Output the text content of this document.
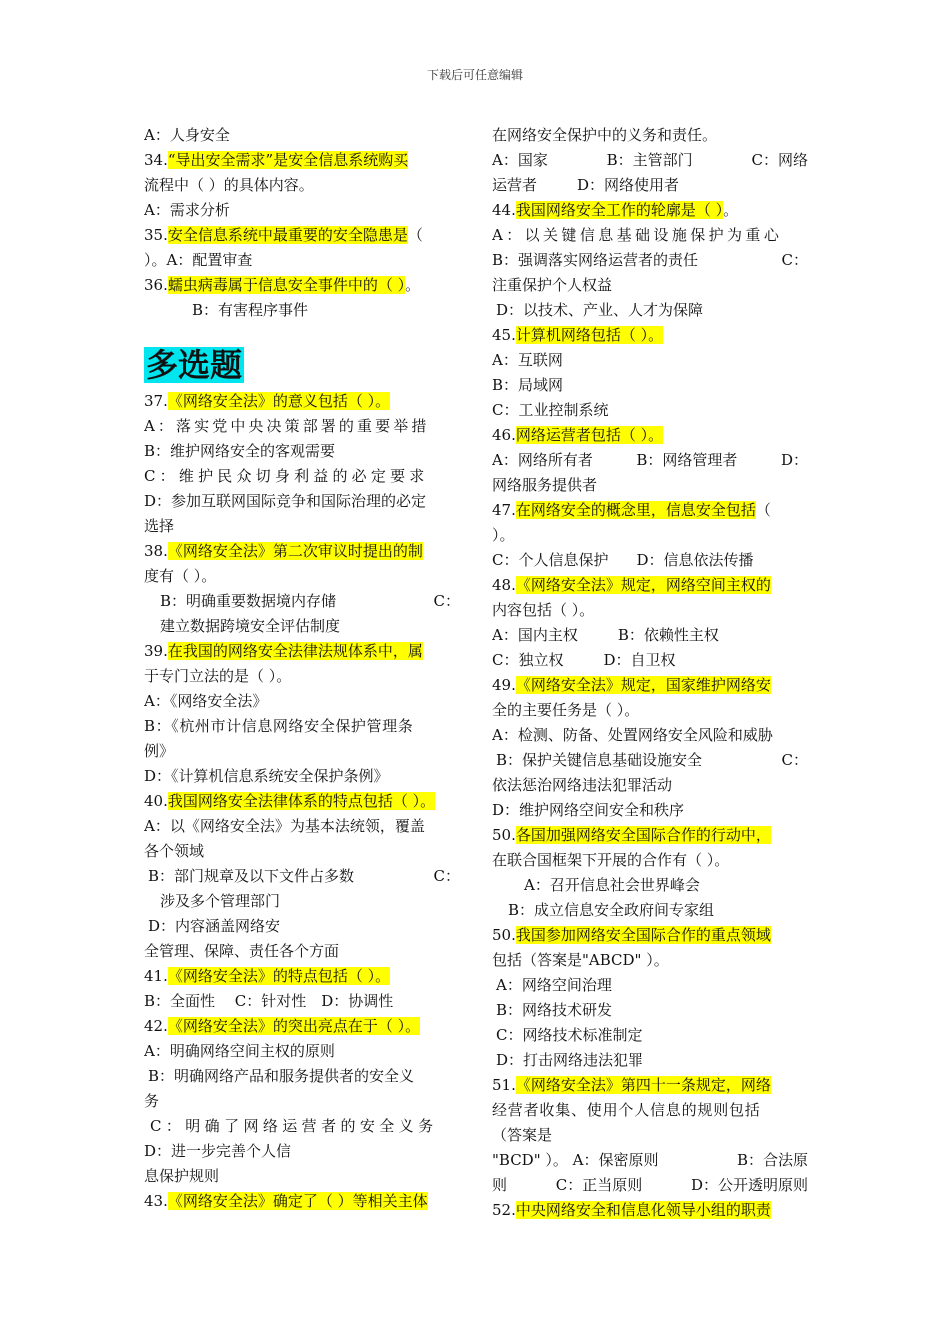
下载后可任意编辑
A：人身安全
34.“导出安全需求”是安全信息系统购买
流程中（ ）的具体内容。
A：需求分析
35.安全信息系统中最重要的安全隐患是（
）。A：配置审查
36.蠕虫病毒属于信息安全事件中的（ ）。
B：有害程序事件
多选题
37.《网络安全法》的意义包括（ ）。
A：落实党中央决策部署的重要举措
B：维护网络安全的客观需要
C：维护民众切身利益的必定要求
D：参加互联网国际竞争和国际治理的必定
选择
38.《网络安全法》第二次审议时提出的制
度有（ ）。
B：明确重要数据境内存储	C：
建立数据跨境安全评估制度
39.在我国的网络安全法律法规体系中，属
于专门立法的是（ ）。
A：《网络安全法》
B：《杭州市计信息网络安全保护管理条
例》
D：《计算机信息系统安全保护条例》
40.我国网络安全法律体系的特点包括（ ）。
A：以《网络安全法》为基本法统领，覆盖
各个领域
B：部门规章及以下文件占多数	C：
涉及多个管理部门
D：内容涵盖网络安
全管理、保障、责任各个方面
41.《网络安全法》的特点包括（ ）。
B：全面性　 C：针对性　D：协调性
42.《网络安全法》的突出亮点在于（ ）。
A：明确网络空间主权的原则
B：明确网络产品和服务提供者的安全义
务
C：明确了网络运营者的安全义务
D：进一步完善个人信
息保护规则
43.《网络安全法》确定了（ ）等相关主体
在网络安全保护中的义务和责任。
A：国家	B：主管部门	C：网络
运营者	D：网络使用者
44.我国网络安全工作的轮廓是（ ）。
A：以关键信息基础设施保护为重心
B：强调落实网络运营者的责任	C：
注重保护个人权益
D：以技术、产业、人才为保障
45.计算机网络包括（ ）。
A：互联网
B：局域网
C：工业控制系统
46.网络运营者包括（ ）。
A：网络所有者	B：网络管理者	D：
网络服务提供者
47.在网络安全的概念里，信息安全包括（
）。
C：个人信息保护 D：信息依法传播
48.《网络安全法》规定，网络空间主权的
内容包括（ ）。
A：国内主权	B：依赖性主权
C：独立权	D：自卫权
49.《网络安全法》规定，国家维护网络安
全的主要任务是（ ）。
A：检测、防备、处置网络安全风险和威胁
B：保护关键信息基础设施安全	C：
依法惩治网络违法犯罪活动
D：维护网络空间安全和秩序
50.各国加强网络安全国际合作的行动中，
在联合国框架下开展的合作有（ ）。
A：召开信息社会世界峰会
B：成立信息安全政府间专家组
50.我国参加网络安全国际合作的重点领域
包括（答案是"ABCD" ）。
A：网络空间治理
B：网络技术研发
C：网络技术标准制定
D：打击网络违法犯罪
51.《网络安全法》第四十一条规定，网络
经营者收集、使用个人信息的规则包括
（答案是
"BCD" ）。 A：保密原则	B：合法原
则	C：正当原则	D：公开透明原则
52.中央网络安全和信息化领导小组的职责
